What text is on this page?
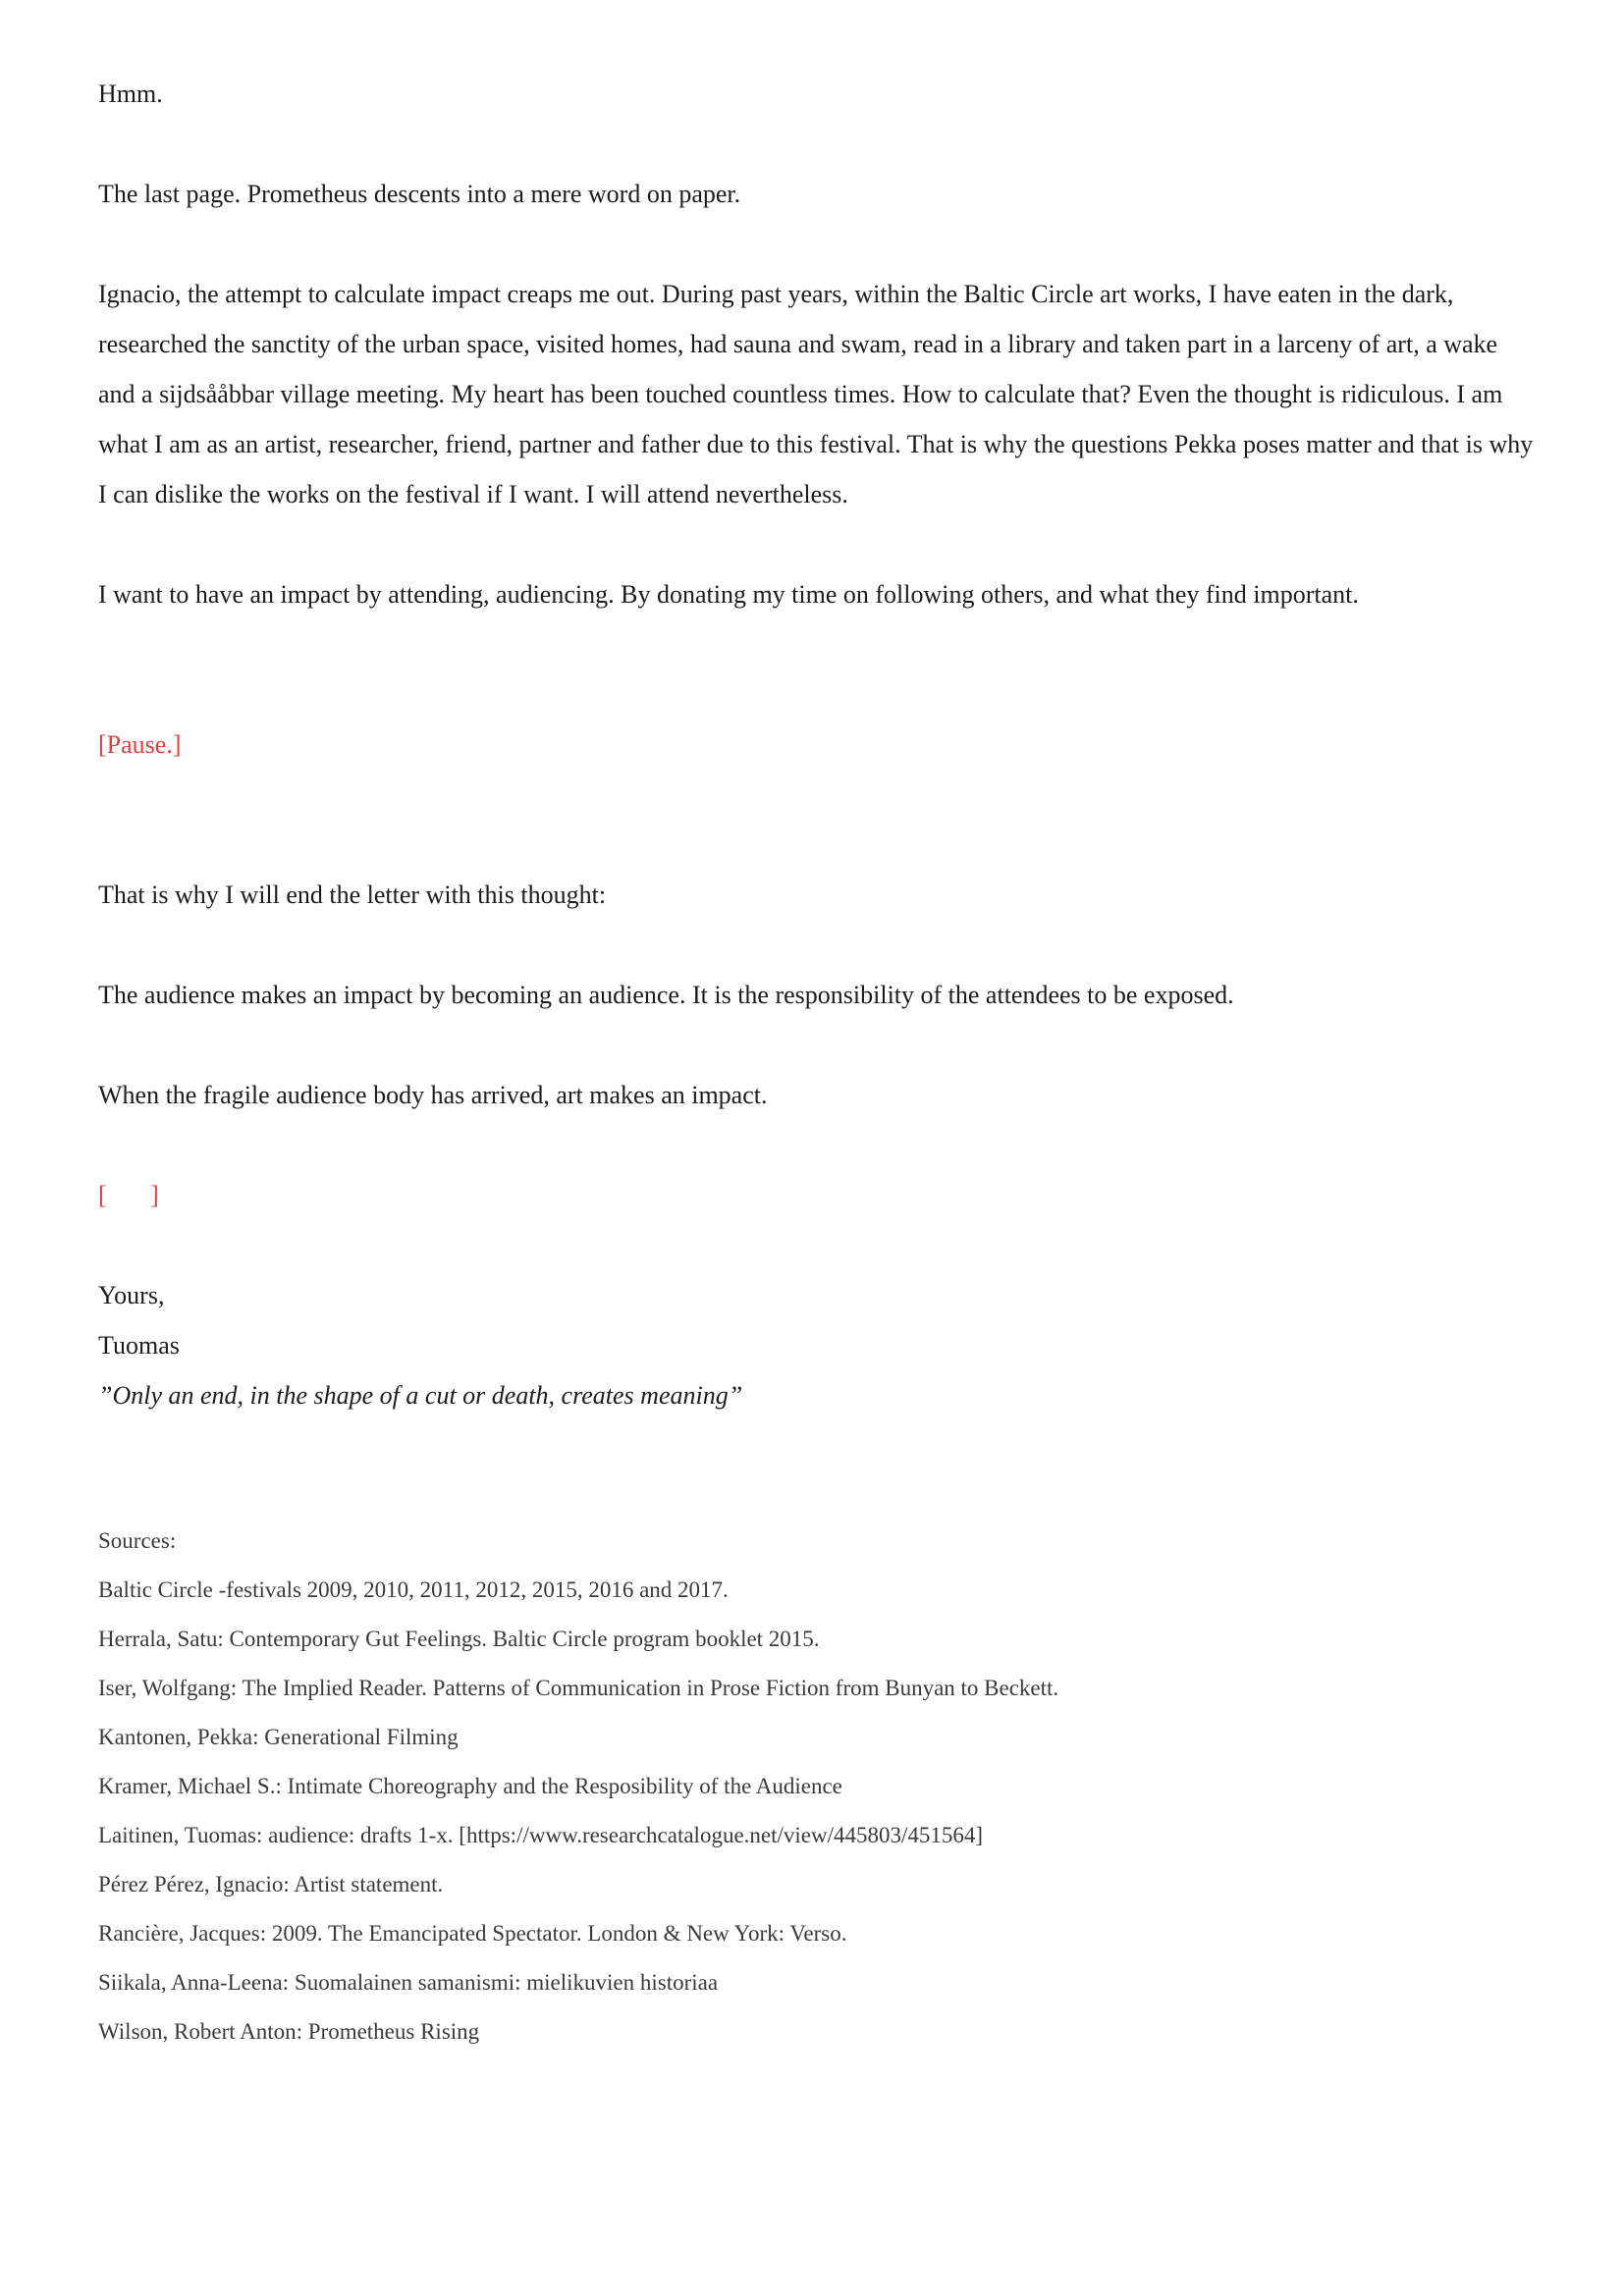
Hmm.

The last page. Prometheus descents into a mere word on paper.

Ignacio, the attempt to calculate impact creaps me out. During past years, within the Baltic Circle art works, I have eaten in the dark, researched the sanctity of the urban space, visited homes, had sauna and swam, read in a library and taken part in a larceny of art, a wake and a sijdsååbbar village meeting. My heart has been touched countless times. How to calculate that? Even the thought is ridiculous. I am what I am as an artist, researcher, friend, partner and father due to this festival. That is why the questions Pekka poses matter and that is why I can dislike the works on the festival if I want. I will attend nevertheless.

I want to have an impact by attending, audiencing. By donating my time on following others, and what they find important.

[Pause.]

That is why I will end the letter with this thought:

The audience makes an impact by becoming an audience. It is the responsibility of the attendees to be exposed.

When the fragile audience body has arrived, art makes an impact.

[     ]

Yours,

Tuomas

”Only an end, in the shape of a cut or death, creates meaning”

Sources:

Baltic Circle -festivals 2009, 2010, 2011, 2012, 2015, 2016 and 2017.

Herrala, Satu: Contemporary Gut Feelings. Baltic Circle program booklet 2015.

Iser, Wolfgang: The Implied Reader. Patterns of Communication in Prose Fiction from Bunyan to Beckett.

Kantonen, Pekka: Generational Filming

Kramer, Michael S.: Intimate Choreography and the Resposibility of the Audience

Laitinen, Tuomas: audience: drafts 1-x. [https://www.researchcatalogue.net/view/445803/451564]

Pérez Pérez, Ignacio: Artist statement.

Rancière, Jacques: 2009. The Emancipated Spectator. London & New York: Verso.

Siikala, Anna-Leena: Suomalainen samanismi: mielikuvien historiaa

Wilson, Robert Anton: Prometheus Rising
